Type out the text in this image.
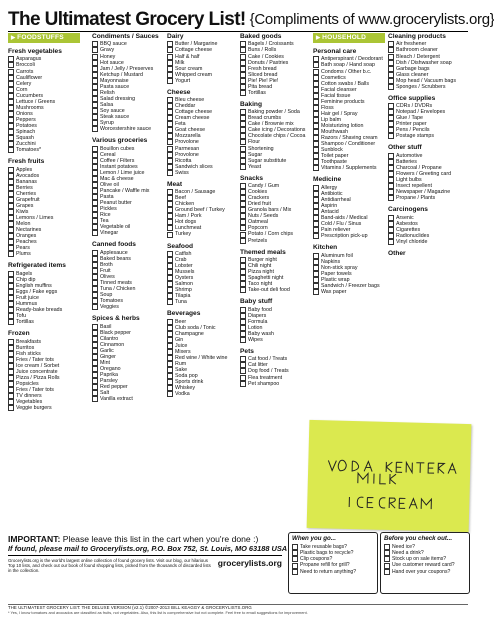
The Ultimatest Grocery List! {Compliments of www.grocerylists.org}
▶ FOODSTUFFS
Fresh vegetables
Asparagus
Broccoli
Carrots
Cauliflower
Celery
Corn
Cucumbers
Lettuce / Greens
Mushrooms
Onions
Peppers
Potatoes
Spinach
Squash
Zucchini
Tomatoes*
Fresh fruits
Apples
Avocados
Bananas
Berries
Cherries
Grapefruit
Grapes
Kiwis
Lemons / Limes
Melon
Nectarines
Oranges
Peaches
Pears
Plums
Refrigerated items
Bagels
Chip dip
English muffins
Eggs / Fake eggs
Fruit juice
Hummus
Ready-bake breads
Tofu
Tortillas
Frozen
Breakfasts
Burritos
Fish sticks
Fries / Tater tots
Ice cream / Sorbet
Juice concentrate
Pizza / Pizza Rolls
Popsicles
Fries / Tater tots
TV dinners
Vegetables
Veggie burgers
Condiments / Sauces
BBQ sauce
Gravy
Honey
Hot sauce
Jam / Jelly / Preserves
Ketchup / Mustard
Mayonnaise
Pasta sauce
Relish
Salad dressing
Salsa
Soy sauce
Steak sauce
Syrup
Worcestershire sauce
Various groceries
Bouillon cubes
Cereal
Coffee / Filters
Instant potatoes
Lemon / Lime juice
Mac & cheese
Olive oil
Pancake / Waffle mix
Pasta
Peanut butter
Pickles
Rice
Tea
Vegetable oil
Vinegar
Canned foods
Applesauce
Baked beans
Broth
Fruit
Olives
Tinned meats
Tuna / Chicken
Soup
Tomatoes
Veggies
Spices & herbs
Basil
Black pepper
Cilantro
Cinnamon
Garlic
Ginger
Mint
Oregano
Paprika
Parsley
Red pepper
Salt
Vanilla extract
Dairy
Butter / Margarine
Cottage cheese
Half & half
Milk
Sour cream
Whipped cream
Yogurt
Cheese
Bleu cheese
Cheddar
Cottage cheese
Cream cheese
Feta
Goat cheese
Mozzarella
Provolone
Parmesan
Provolone
Ricotta
Sandwich slices
Swiss
Meat
Bacon / Sausage
Beef
Chicken
Ground beef / Turkey
Ham / Pork
Hot dogs
Lunchmeat
Turkey
Seafood
Catfish
Crab
Lobster
Mussels
Oysters
Salmon
Shrimp
Tilapia
Tuna
Beverages
Beer
Club soda / Tonic
Champagne
Gin
Juice
Mixers
Red wine / White wine
Rum
Sake
Soda pop
Sports drink
Whiskey
Vodka
Baked goods
Bagels / Croissants
Buns / Rolls
Cake / Cookies
Donuts / Pastries
Fresh bread
Sliced bread
Pie! Pie! Pie!
Pita bread
Tortillas
Baking
Baking powder / Soda
Bread crumbs
Cake / Brownie mix
Cake icing / Decorations
Chocolate chips / Cocoa
Flour
Shortening
Sugar
Sugar substitute
Yeast
Snacks
Candy / Gum
Cookies
Crackers
Dried fruit
Granola bars / Mix
Nuts / Seeds
Oatmeal
Popcorn
Potato / Corn chips
Pretzels
Themed meals
Burger night
Chili night
Pizza night
Spaghetti night
Taco night
Take-out deli food
Baby stuff
Baby food
Diapers
Formula
Lotion
Baby wash
Wipes
Pets
Cat food / Treats
Cat litter
Dog food / Treats
Flea treatment
Pet shampoo
▶ HOUSEHOLD
Personal care
Antiperspirant / Deodorant
Bath soap / Hand soap
Condoms / Other b.c.
Cosmetics
Cotton swabs / Balls
Facial cleanser
Facial tissue
Feminine products
Floss
Hair gel / Spray
Lip balm
Moisturizing lotion
Mouthwash
Razors / Shaving cream
Shampoo / Conditioner
Sunblock
Toilet paper
Toothpaste
Vitamins / Supplements
Medicine
Allergy
Antibiotic
Antidiarrheal
Aspirin
Antacid
Band-aids / Medical
Cold / Flu / Sinus
Pain reliever
Prescription pick-up
Kitchen
Aluminum foil
Napkins
Non-stick spray
Paper towels
Plastic wrap
Sandwich / Freezer bags
Wax paper
Cleaning products
Air freshener
Bathroom cleaner
Bleach / Detergent
Dish / Dishwasher soap
Garbage bags
Glass cleaner
Mop head / Vacuum bags
Sponges / Scrubbers
Office supplies
CDRs / DVDRs
Notepad / Envelopes
Glue / Tape
Printer paper
Pens / Pencils
Postage stamps
Other stuff
Automotive
Batteries
Charcoal / Propane
Flowers / Greeting card
Light bulbs
Insect repellent
Newspaper / Magazine
Propane / Plants
Carcinogens
Arsenic
Asbestos
Cigarettes
Radionuclides
Vinyl chloride
Other
IMPORTANT: Please leave this list in the cart when you're done :)
If found, please mail to Grocerylists.org, P.O. Box 752, St. Louis, MO 63188 USA
Grocerylists.org is the world's largest online collection of found grocery lists. Visit our blog, our hilarious Top 10 lists, and check out our book of found shopping lists, picked from the thousands of discarded lists in the collection.
grocerylists.org
When you go...
Take reusable bags?
Plastic bags to recycle?
Clip coupons?
Propane refill for grill?
Need to return anything?
Before you check out...
Need ice?
Need a drink?
Stock up on sale items?
Use customer reward card?
Hand over your coupons?
THE ULTIMATEST GROCERY LIST: THE DELUXE VERSION (v2.1) ©2007-2013 BILL KEAGGY & GROCERYLISTS.ORG
* Yes, I know tomatoes and avocados are classified as fruits, not vegetables. Also, this list is comprehensive but not complete. Feel free to email suggestions for improvement.
